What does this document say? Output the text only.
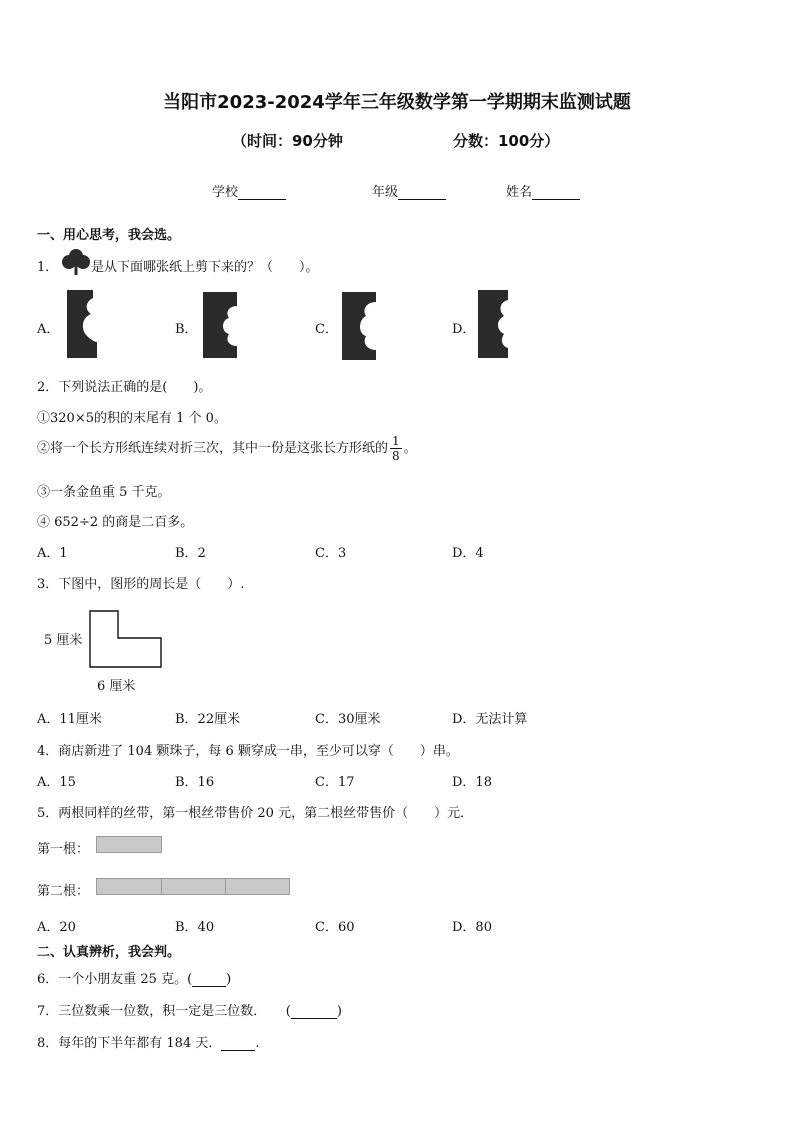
当阳市2023-2024学年三年级数学第一学期期末监测试题
（时间：90分钟	分数：100分）
学校	年级	姓名
一、用心思考，我会选。
1．	是从下面哪张纸上剪下来的？（　　）。
A．	B．	C．	D．
2．下列说法正确的是(　　)。
①320×5的积的末尾有 1 个 0。
②将一个长方形纸连续对折三次，其中一份是这张长方形纸的 $\frac{1}{8}$ 。
③一条金鱼重 5 千克。
④ 652÷2 的商是二百多。
A．1	B．2	C．3	D．4
3．下图中，图形的周长是（　　）.
5 厘米
6 厘米
A．11厘米	B．22厘米	C．30厘米	D．无法计算
4．商店新进了 104 颗珠子，每 6 颗穿成一串，至少可以穿（　　）串。
A．15	B．16	C．17	D．18
5．两根同样的丝带，第一根丝带售价 20 元，第二根丝带售价（　　）元．
第一根：
第二根：
A．20	B．40	C．60	D．80
二、认真辨析，我会判。
6．一个小朋友重 25 克。(	)
7．三位数乘一位数，积一定是三位数．　　(	)
8．每年的下半年都有 184 天．	.
